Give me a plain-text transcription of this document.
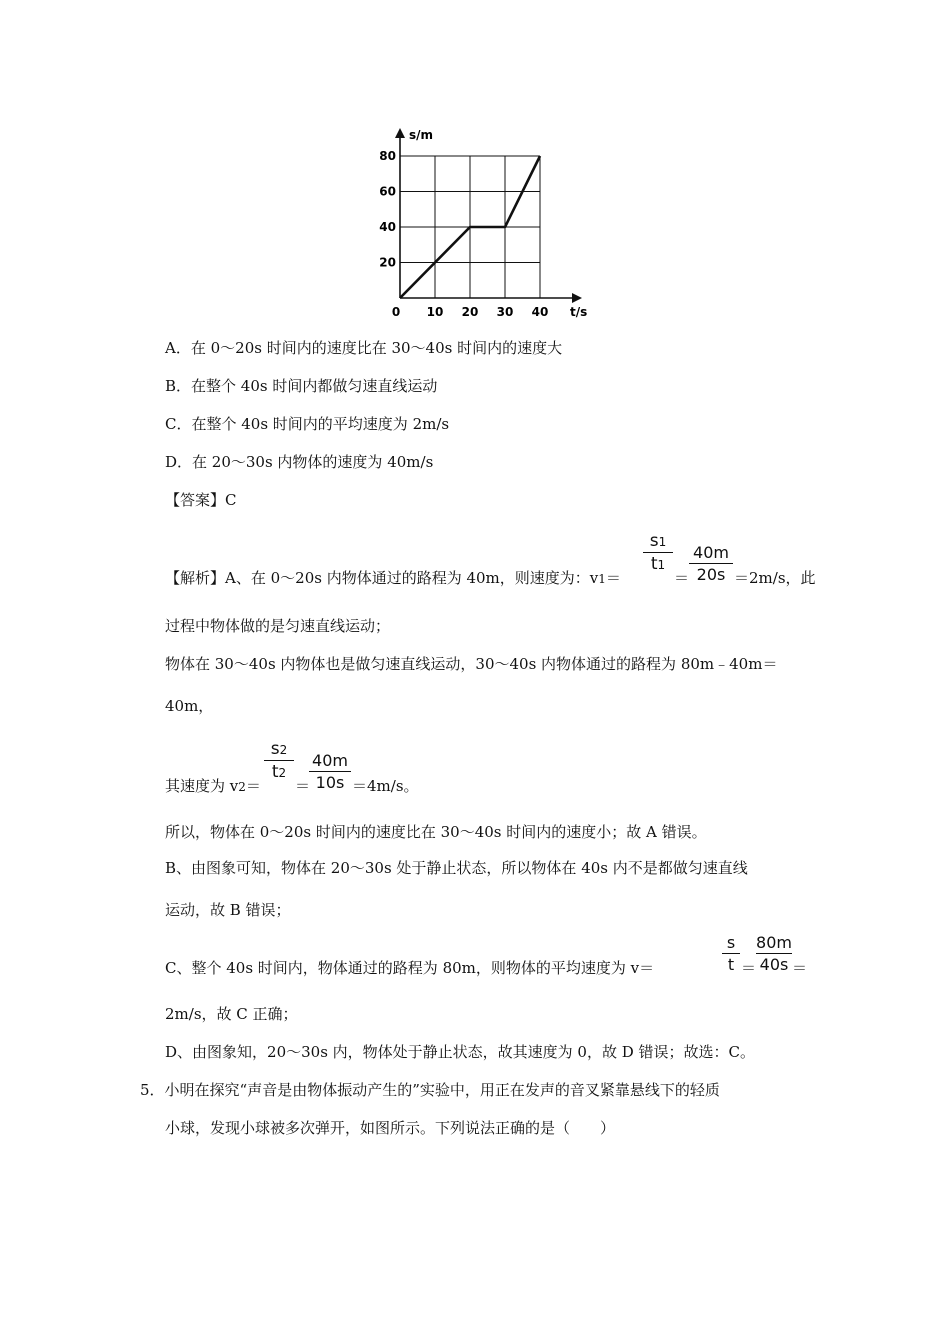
0 10 20 30 40
20
40
60
80
s/m
t/s
A．在 0～20s 时间内的速度比在 30～40s 时间内的速度大
B．在整个 40s 时间内都做匀速直线运动
C．在整个 40s 时间内的平均速度为 2m/s
D．在 20～30s 内物体的速度为 40m/s
【答案】C
【解析】A、在 0～20s 内物体通过的路程为 40m，则速度为：v1＝
s1
t1
＝
40m
20s ＝2m/s，此
过程中物体做的是匀速直线运动；
物体在 30～40s 内物体也是做匀速直线运动，30～40s 内物体通过的路程为 80m﹣40m＝
40m，
其速度为 v2＝
s2
t2
＝
40m
10s ＝4m/s。
所以，物体在 0～20s 时间内的速度比在 30～40s 时间内的速度小；故 A 错误。
B、由图象可知，物体在 20～30s 处于静止状态，所以物体在 40s 内不是都做匀速直线
运动，故 B 错误；
C、整个 40s 时间内，物体通过的路程为 80m，则物体的平均速度为 v＝
s
t ＝
80m
40s ＝
2m/s，故 C 正确；
D、由图象知，20～30s 内，物体处于静止状态，故其速度为 0，故 D 错误；故选：C。
5．小明在探究“声音是由物体振动产生的”实验中，用正在发声的音叉紧靠悬线下的轻质
小球，发现小球被多次弹开，如图所示。下列说法正确的是（　　）
